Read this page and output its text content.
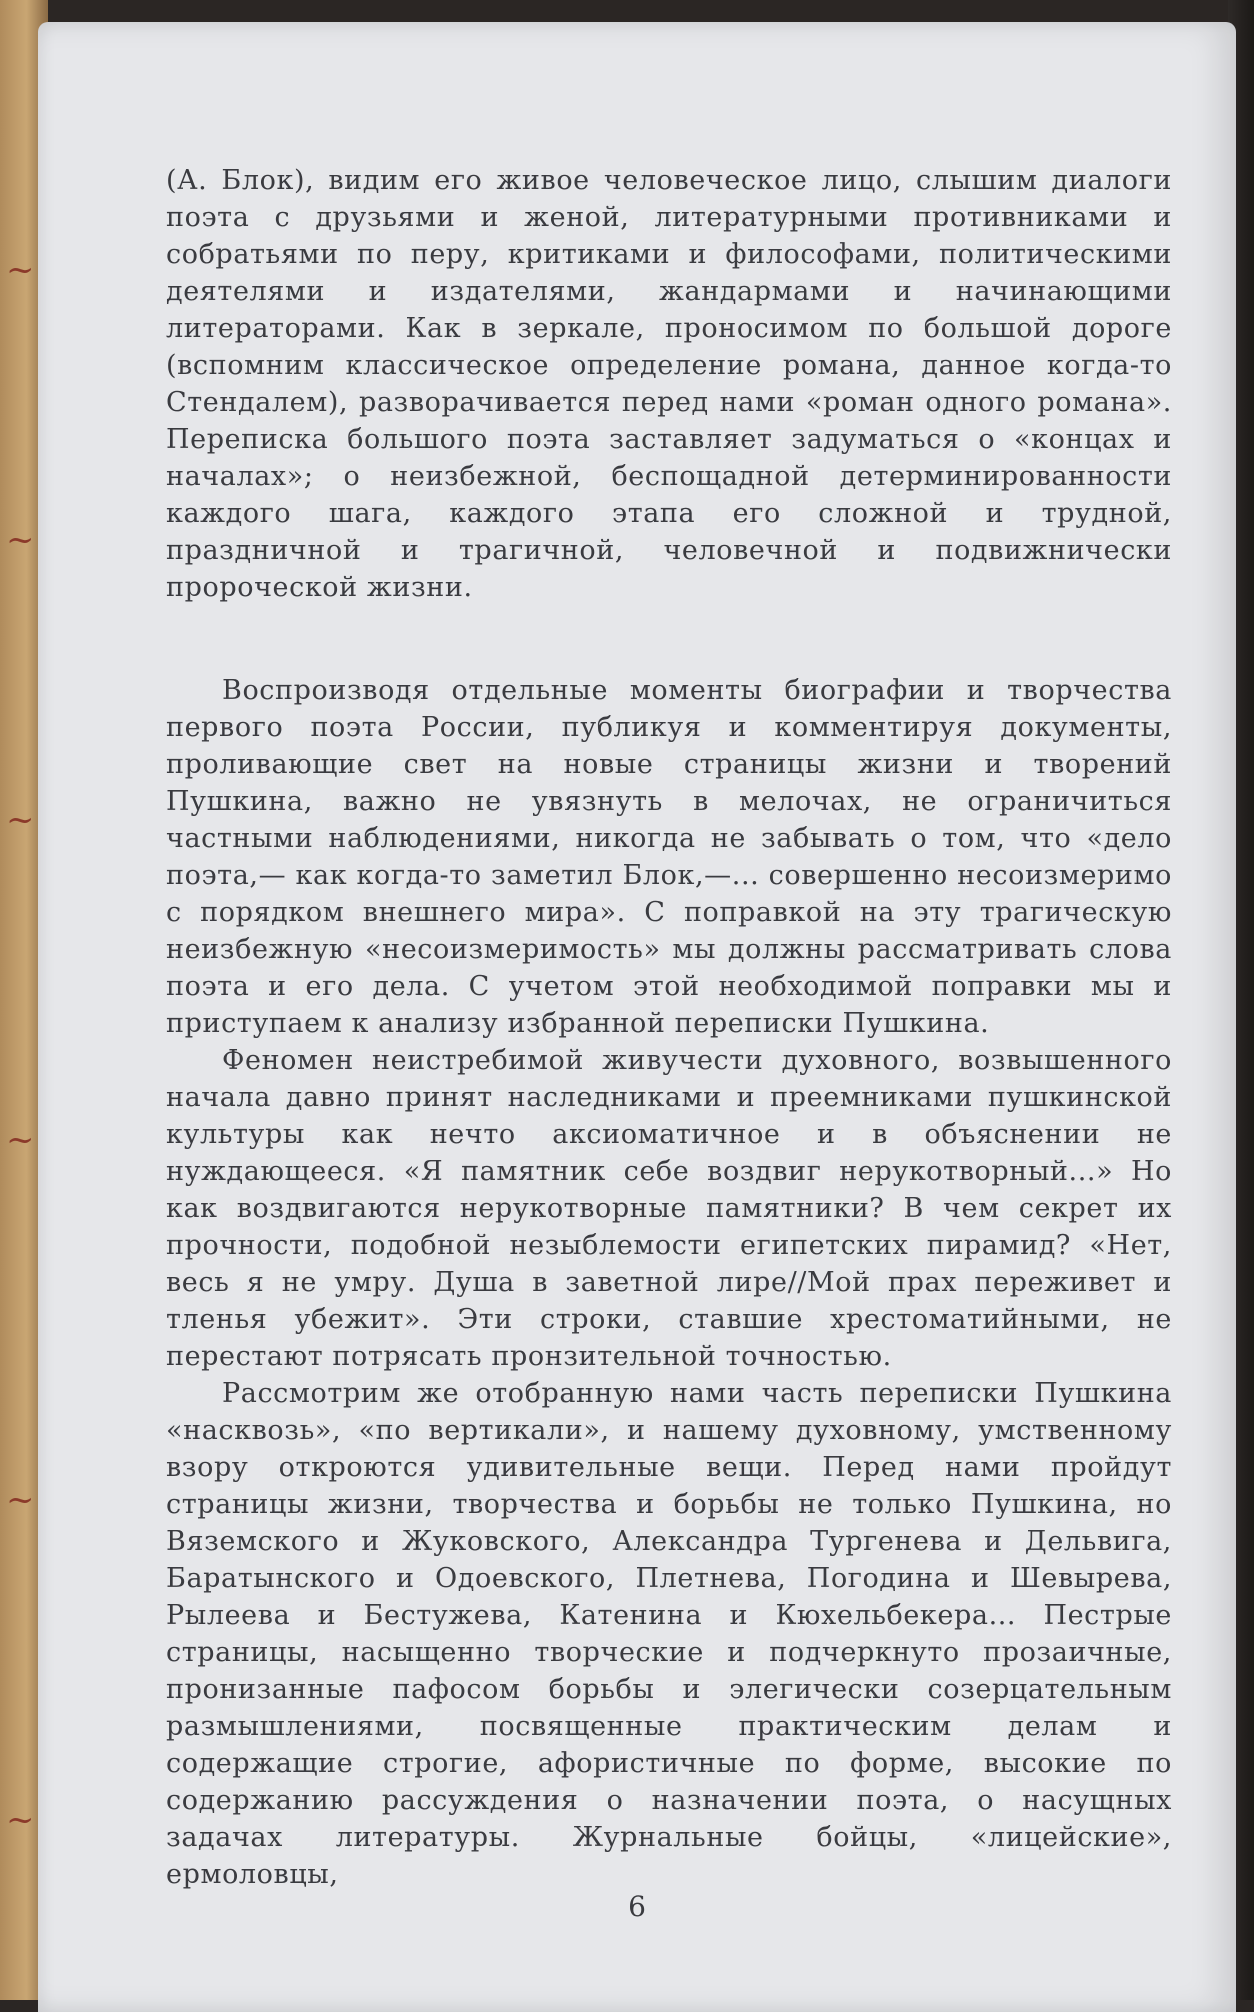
~
~
~
~
~
~

(А. Блок), видим его живое человеческое лицо, слышим диалоги поэта с друзьями и женой, литературными противниками и собратьями по перу, критиками и философами, политическими деятелями и издателями, жандармами и начинающими литераторами. Как в зеркале, проносимом по большой дороге (вспомним классическое определение романа, данное когда-то Стендалем), разворачивается перед нами «роман одного романа». Переписка большого поэта заставляет задуматься о «концах и началах»; о неизбежной, беспощадной детерминированности каждого шага, каждого этапа его сложной и трудной, праздничной и трагичной, человечной и подвижнически пророческой жизни.

Воспроизводя отдельные моменты биографии и творчества первого поэта России, публикуя и комментируя документы, проливающие свет на новые страницы жизни и творений Пушкина, важно не увязнуть в мелочах, не ограничиться частными наблюдениями, никогда не забывать о том, что «дело поэта,— как когда-то заметил Блок,—... совершенно несоизмеримо с порядком внешнего мира». С поправкой на эту трагическую неизбежную «несоизмеримость» мы должны рассматривать слова поэта и его дела. С учетом этой необходимой поправки мы и приступаем к анализу избранной переписки Пушкина.

Феномен неистребимой живучести духовного, возвышенного начала давно принят наследниками и преемниками пушкинской культуры как нечто аксиоматичное и в объяснении не нуждающееся. «Я памятник себе воздвиг нерукотворный...» Но как воздвигаются нерукотворные памятники? В чем секрет их прочности, подобной незыблемости египетских пирамид? «Нет, весь я не умру. Душа в заветной лире//Мой прах переживет и тленья убежит». Эти строки, ставшие хрестоматийными, не перестают потрясать пронзительной точностью.

Рассмотрим же отобранную нами часть переписки Пушкина «насквозь», «по вертикали», и нашему духовному, умственному взору откроются удивительные вещи. Перед нами пройдут страницы жизни, творчества и борьбы не только Пушкина, но Вяземского и Жуковского, Александра Тургенева и Дельвига, Баратынского и Одоевского, Плетнева, Погодина и Шевырева, Рылеева и Бестужева, Катенина и Кюхельбекера... Пестрые страницы, насыщенно творческие и подчеркнуто прозаичные, пронизанные пафосом борьбы и элегически созерцательным размышлениями, посвященные практическим делам и содержащие строгие, афористичные по форме, высокие по содержанию рассуждения о назначении поэта, о насущных задачах литературы. Журнальные бойцы, «лицейские», ермоловцы,

6
